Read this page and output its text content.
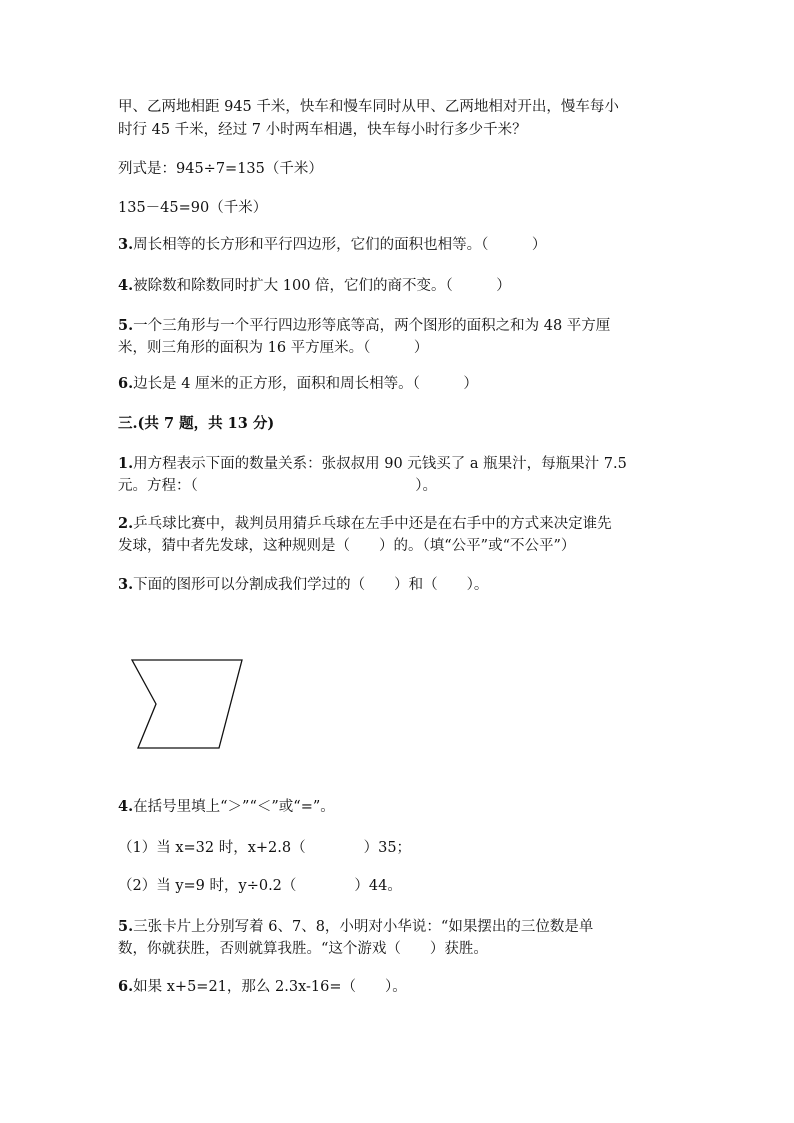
甲、乙两地相距 945 千米，快车和慢车同时从甲、乙两地相对开出，慢车每小
时行 45 千米，经过 7 小时两车相遇，快车每小时行多少千米？
列式是：945÷7=135（千米）
135－45=90（千米）
3.周长相等的长方形和平行四边形，它们的面积也相等。（　　　）
4.被除数和除数同时扩大 100 倍，它们的商不变。（　　　）
5.一个三角形与一个平行四边形等底等高，两个图形的面积之和为 48 平方厘
米，则三角形的面积为 16 平方厘米。（　　　）
6.边长是 4 厘米的正方形，面积和周长相等。（　　　）
三.(共 7 题，共 13 分)
1.用方程表示下面的数量关系：张叔叔用 90 元钱买了 a 瓶果汁，每瓶果汁 7.5
元。方程：（　　　　　　　　　　　　　　　）。
2.乒乓球比赛中，裁判员用猜乒乓球在左手中还是在右手中的方式来决定谁先
发球，猜中者先发球，这种规则是（　　）的。（填“公平”或“不公平”）
3.下面的图形可以分割成我们学过的（　　）和（　　）。
4.在括号里填上“＞”“＜”或“=”。
（1）当 x=32 时，x+2.8（　　　　）35；
（2）当 y=9 时，y÷0.2（　　　　）44。
5.三张卡片上分别写着 6、7、8，小明对小华说：“如果摆出的三位数是单
数，你就获胜，否则就算我胜。“这个游戏（　　）获胜。
6.如果 x+5=21，那么 2.3x-16=（　　）。
